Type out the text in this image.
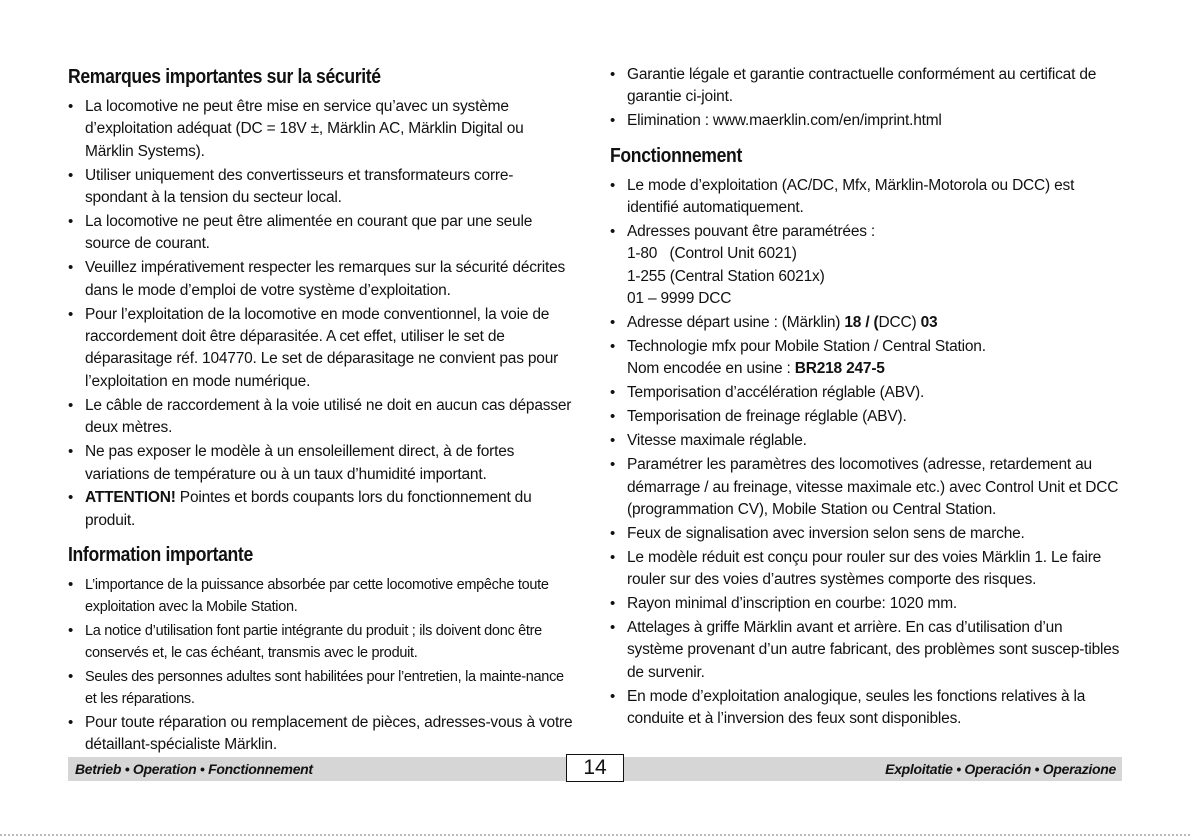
Remarques importantes sur la sécurité
• La locomotive ne peut être mise en service qu’avec un système d’exploitation adéquat (DC = 18V ±, Märklin AC, Märklin Digital ou Märklin Systems).
• Utiliser uniquement des convertisseurs et transformateurs corre-spondant à la tension du secteur local.
• La locomotive ne peut être alimentée en courant que par une seule source de courant.
• Veuillez impérativement respecter les remarques sur la sécurité décrites dans le mode d’emploi de votre système d’exploitation.
• Pour l’exploitation de la locomotive en mode conventionnel, la voie de raccordement doit être déparasitée. A cet effet, utiliser le set de déparasitage réf. 104770. Le set de déparasitage ne convient pas pour l’exploitation en mode numérique.
• Le câble de raccordement à la voie utilisé ne doit en aucun cas dépasser deux mètres.
• Ne pas exposer le modèle à un ensoleillement direct, à de fortes variations de température ou à un taux d’humidité important.
• ATTENTION! Pointes et bords coupants lors du fonctionnement du produit.
Information importante
• L’importance de la puissance absorbée par cette locomotive empêche toute exploitation avec la Mobile Station.
• La notice d’utilisation font partie intégrante du produit ; ils doivent donc être conservés et, le cas échéant, transmis avec le produit.
• Seules des personnes adultes sont habilitées pour l’entretien, la mainte-nance et les réparations.
• Pour toute réparation ou remplacement de pièces, adresses-vous à votre détaillant-spécialiste Märklin.
• Garantie légale et garantie contractuelle conformément au certificat de garantie ci-joint.
• Elimination : www.maerklin.com/en/imprint.html
Fonctionnement
• Le mode d’exploitation (AC/DC, Mfx, Märklin-Motorola ou DCC) est identifié automatiquement.
• Adresses pouvant être paramétrées :
1-80   (Control Unit 6021)
1-255 (Central Station 6021x)
01 – 9999 DCC
• Adresse départ usine : (Märklin) 18 / (DCC) 03
• Technologie mfx pour Mobile Station / Central Station.
Nom encodée en usine : BR218 247-5
• Temporisation d’accélération réglable (ABV).
• Temporisation de freinage réglable (ABV).
• Vitesse maximale réglable.
• Paramétrer les paramètres des locomotives (adresse, retardement au démarrage / au freinage, vitesse maximale etc.) avec Control Unit et DCC (programmation CV), Mobile Station ou Central Station.
• Feux de signalisation avec inversion selon sens de marche.
• Le modèle réduit est conçu pour rouler sur des voies Märklin 1. Le faire rouler sur des voies d’autres systèmes comporte des risques.
• Rayon minimal d’inscription en courbe: 1020 mm.
• Attelages à griffe Märklin avant et arrière. En cas d’utilisation d’un système provenant d’un autre fabricant, des problèmes sont suscep-tibles de survenir.
• En mode d’exploitation analogique, seules les fonctions relatives à la conduite et à l’inversion des feux sont disponibles.
Betrieb • Operation • Fonctionnement	14	Exploitatie • Operación • Operazione
